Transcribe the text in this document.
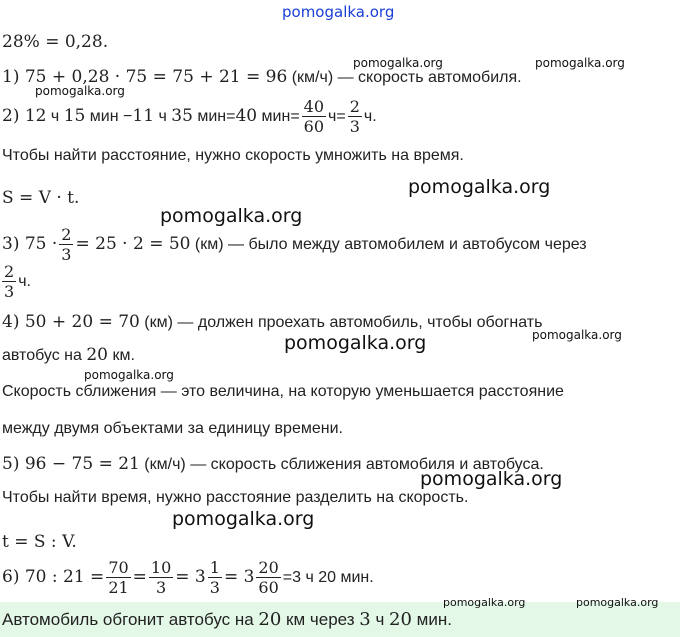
pomogalka.org
28% = 0,28.
1) 75 + 0,28 · 75 = 75 + 21 = 96 (км/ч) — скорость автомобиля.
2) 12 ч 15 мин −11 ч 35 мин=40 $мин= \frac{40}{60} ч= \frac{2}{3} ч$.
Чтобы найти расстояние, нужно скорость умножить на время.
S = V · t.
3) $75 \cdot \frac{2}{3} = 25 \cdot 2 = 50$ (км) — было между автомобилем и автобусом через
$\frac{2}{3} ч$.
4) 50 + 20 = 70 (км) — должен проехать автомобиль, чтобы обогнать
автобус на 20 км.
Скорость сближения — это величина, на которую уменьшается расстояние
между двумя объектами за единицу времени.
5) 96 − 75 = 21 (км/ч) — скорость сближения автомобиля и автобуса.
Чтобы найти время, нужно расстояние разделить на скорость.
t = S : V.
6) 70 : $21 = \frac{70}{21} = \frac{10}{3} = 3 \frac{1}{3} = 3 \frac{20}{60} =3$ ч 20 мин.
Автомобиль обгонит автобус на 20 км через 3 ч 20 мин.
pomogalka.org	pomogalka.org
pomogalka.org
pomogalka.org
pomogalka.org
pomogalka.org
pomogalka.org
pomogalka.org
pomogalka.org
pomogalka.org
pomogalka.org	pomogalka.org
